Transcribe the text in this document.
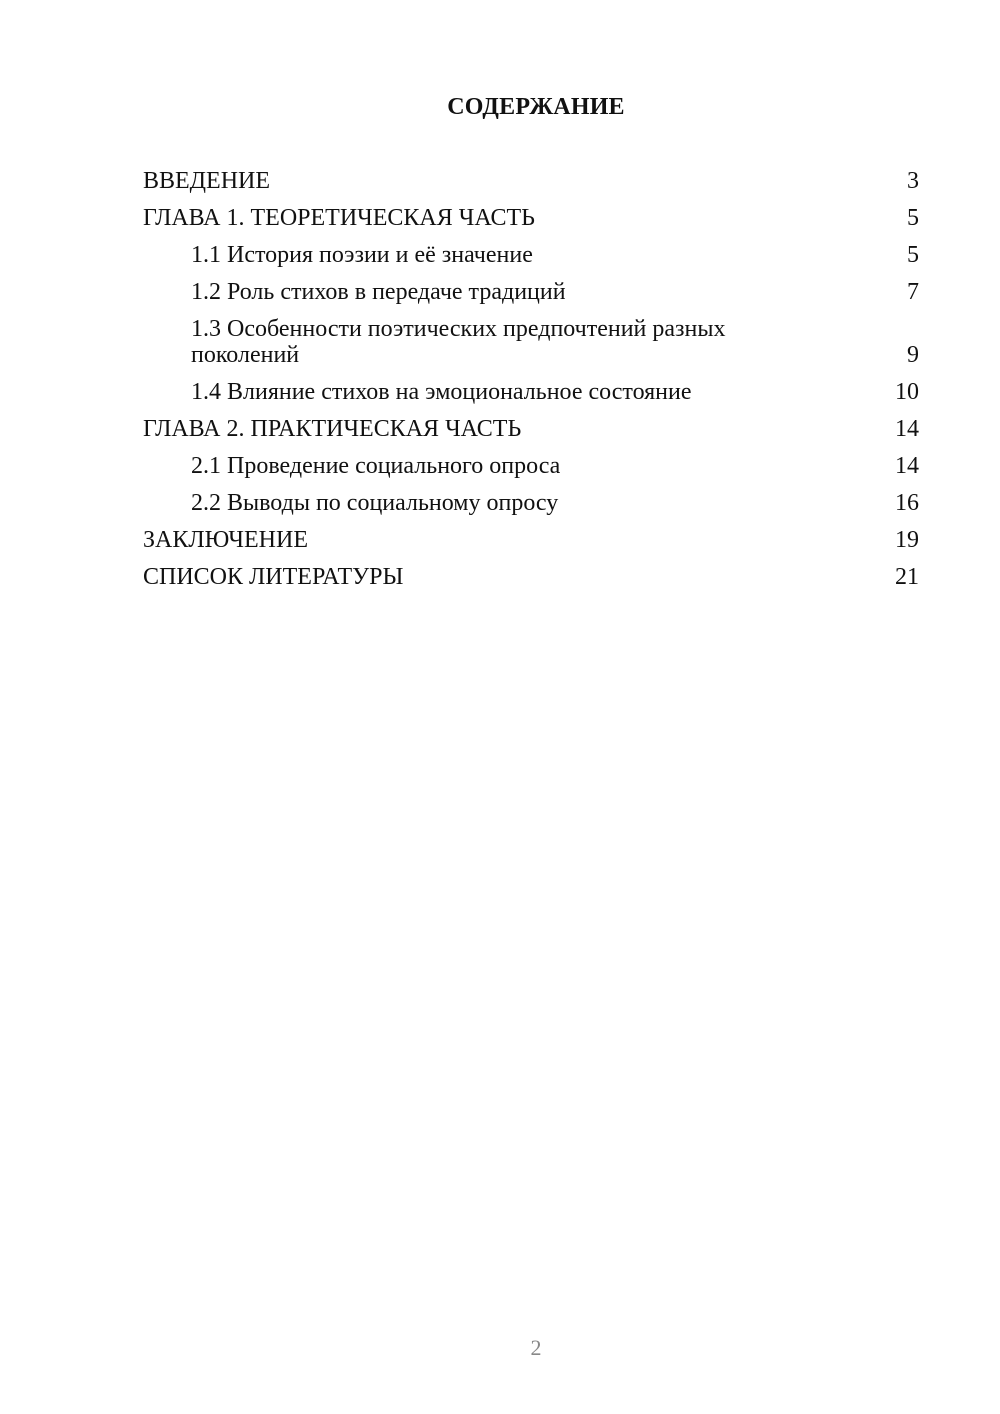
СОДЕРЖАНИЕ
ВВЕДЕНИЕ	3
ГЛАВА 1. ТЕОРЕТИЧЕСКАЯ ЧАСТЬ	5
1.1 История поэзии и её значение	5
1.2 Роль стихов в передаче традиций	7
1.3 Особенности поэтических предпочтений разных поколений	9
1.4 Влияние стихов на эмоциональное состояние	10
ГЛАВА 2. ПРАКТИЧЕСКАЯ ЧАСТЬ	14
2.1 Проведение социального опроса	14
2.2 Выводы по социальному опросу	16
ЗАКЛЮЧЕНИЕ	19
СПИСОК ЛИТЕРАТУРЫ	21
2
